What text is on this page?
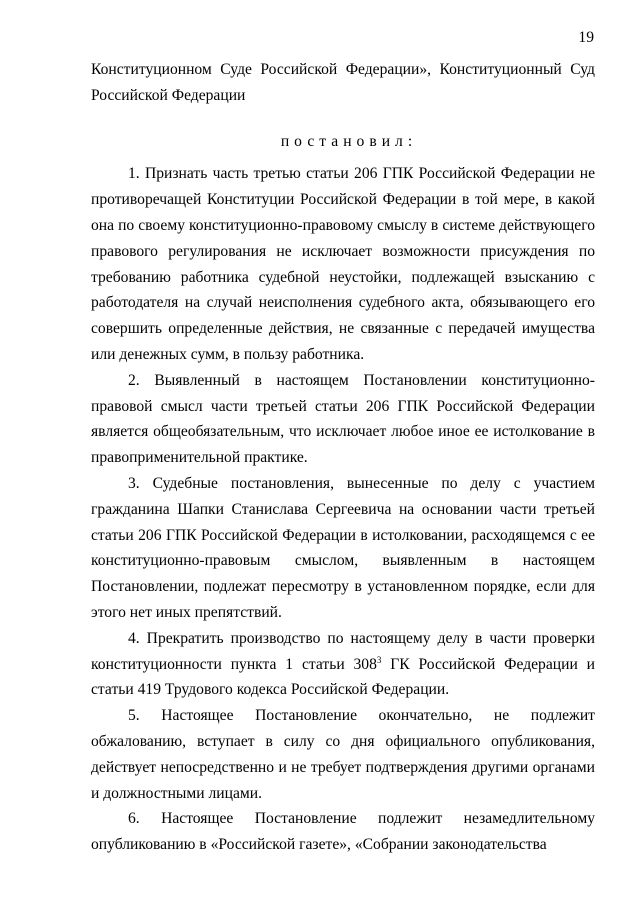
19

Конституционном Суде Российской Федерации», Конституционный Суд Российской Федерации

постановил:

1. Признать часть третью статьи 206 ГПК Российской Федерации не противоречащей Конституции Российской Федерации в той мере, в какой она по своему конституционно-правовому смыслу в системе действующего правового регулирования не исключает возможности присуждения по требованию работника судебной неустойки, подлежащей взысканию с работодателя на случай неисполнения судебного акта, обязывающего его совершить определенные действия, не связанные с передачей имущества или денежных сумм, в пользу работника.

2. Выявленный в настоящем Постановлении конституционно-правовой смысл части третьей статьи 206 ГПК Российской Федерации является общеобязательным, что исключает любое иное ее истолкование в правоприменительной практике.

3. Судебные постановления, вынесенные по делу с участием гражданина Шапки Станислава Сергеевича на основании части третьей статьи 206 ГПК Российской Федерации в истолковании, расходящемся с ее конституционно-правовым смыслом, выявленным в настоящем Постановлении, подлежат пересмотру в установленном порядке, если для этого нет иных препятствий.

4. Прекратить производство по настоящему делу в части проверки конституционности пункта 1 статьи $308^3$ ГК Российской Федерации и статьи 419 Трудового кодекса Российской Федерации.

5. Настоящее Постановление окончательно, не подлежит обжалованию, вступает в силу со дня официального опубликования, действует непосредственно и не требует подтверждения другими органами и должностными лицами.

6. Настоящее Постановление подлежит незамедлительному опубликованию в «Российской газете», «Собрании законодательства
